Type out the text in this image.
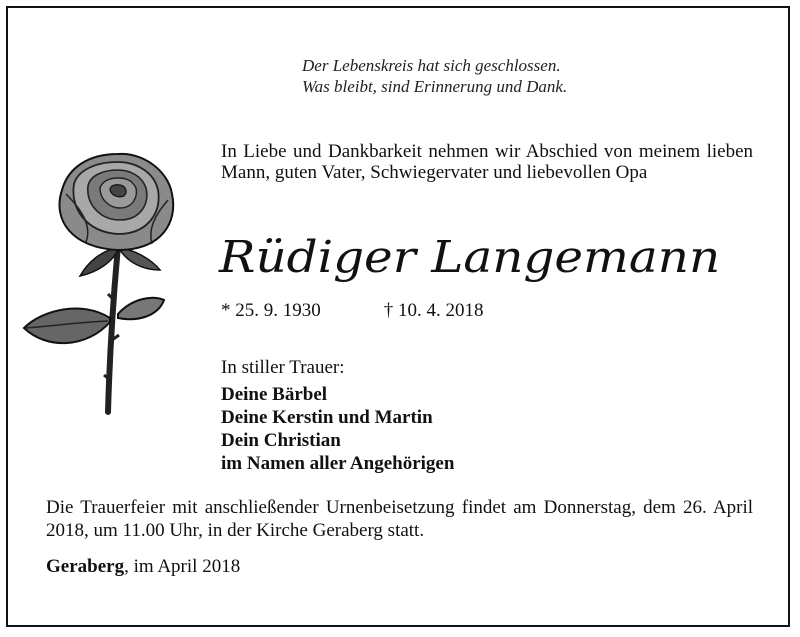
Der Lebenskreis hat sich geschlossen.
Was bleibt, sind Erinnerung und Dank.
In Liebe und Dankbarkeit nehmen wir Abschied von meinem lieben Mann, guten Vater, Schwiegervater und liebevollen Opa
Rüdiger Langemann
* 25. 9. 1930	† 10. 4. 2018
In stiller Trauer:
Deine Bärbel
Deine Kerstin und Martin
Dein Christian
im Namen aller Angehörigen
Die Trauerfeier mit anschließender Urnenbeisetzung findet am Donnerstag, dem 26. April 2018, um 11.00 Uhr, in der Kirche Geraberg statt.
Geraberg, im April 2018
